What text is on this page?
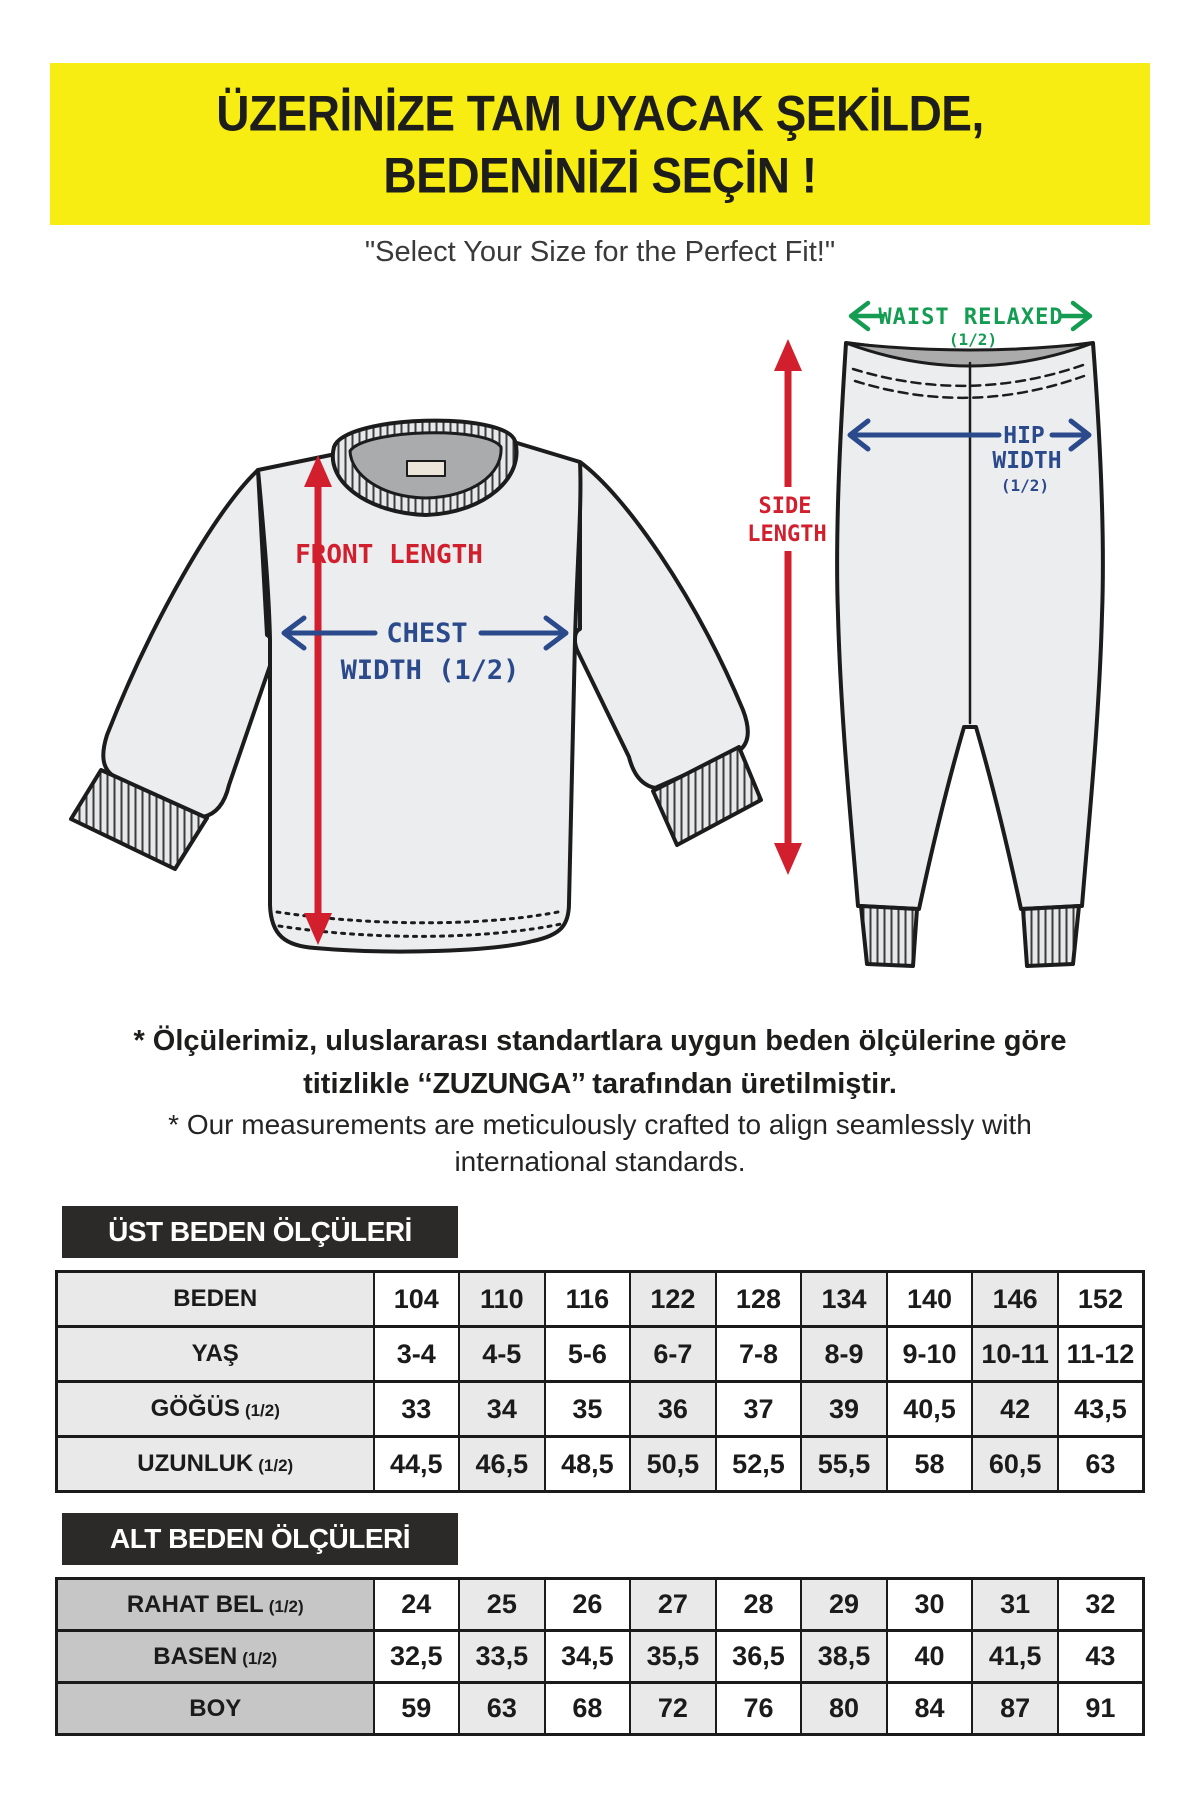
ÜZERİNİZE TAM UYACAK ŞEKİLDE,
BEDENİNİZİ SEÇİN !
"Select Your Size for the Perfect Fit!"
FRONT LENGTH
CHEST
WIDTH (1/2)
SIDE
LENGTH
WAIST RELAXED
(1/2)
HIP
WIDTH
(1/2)
* Ölçülerimiz, uluslararası standartlara uygun beden ölçülerine göre
titizlikle ‘‘ZUZUNGA’’ tarafından üretilmiştir.
* Our measurements are meticulously crafted to align seamlessly with
international standards.
ÜST BEDEN ÖLÇÜLERİ
BEDEN	104	110	116	122	128	134	140	146	152
YAŞ	3-4	4-5	5-6	6-7	7-8	8-9	9-10	10-11	11-12
GÖĞÜS (1/2)	33	34	35	36	37	39	40,5	42	43,5
UZUNLUK (1/2)	44,5	46,5	48,5	50,5	52,5	55,5	58	60,5	63
ALT BEDEN ÖLÇÜLERİ
RAHAT BEL (1/2)	24	25	26	27	28	29	30	31	32
BASEN (1/2)	32,5	33,5	34,5	35,5	36,5	38,5	40	41,5	43
BOY	59	63	68	72	76	80	84	87	91
